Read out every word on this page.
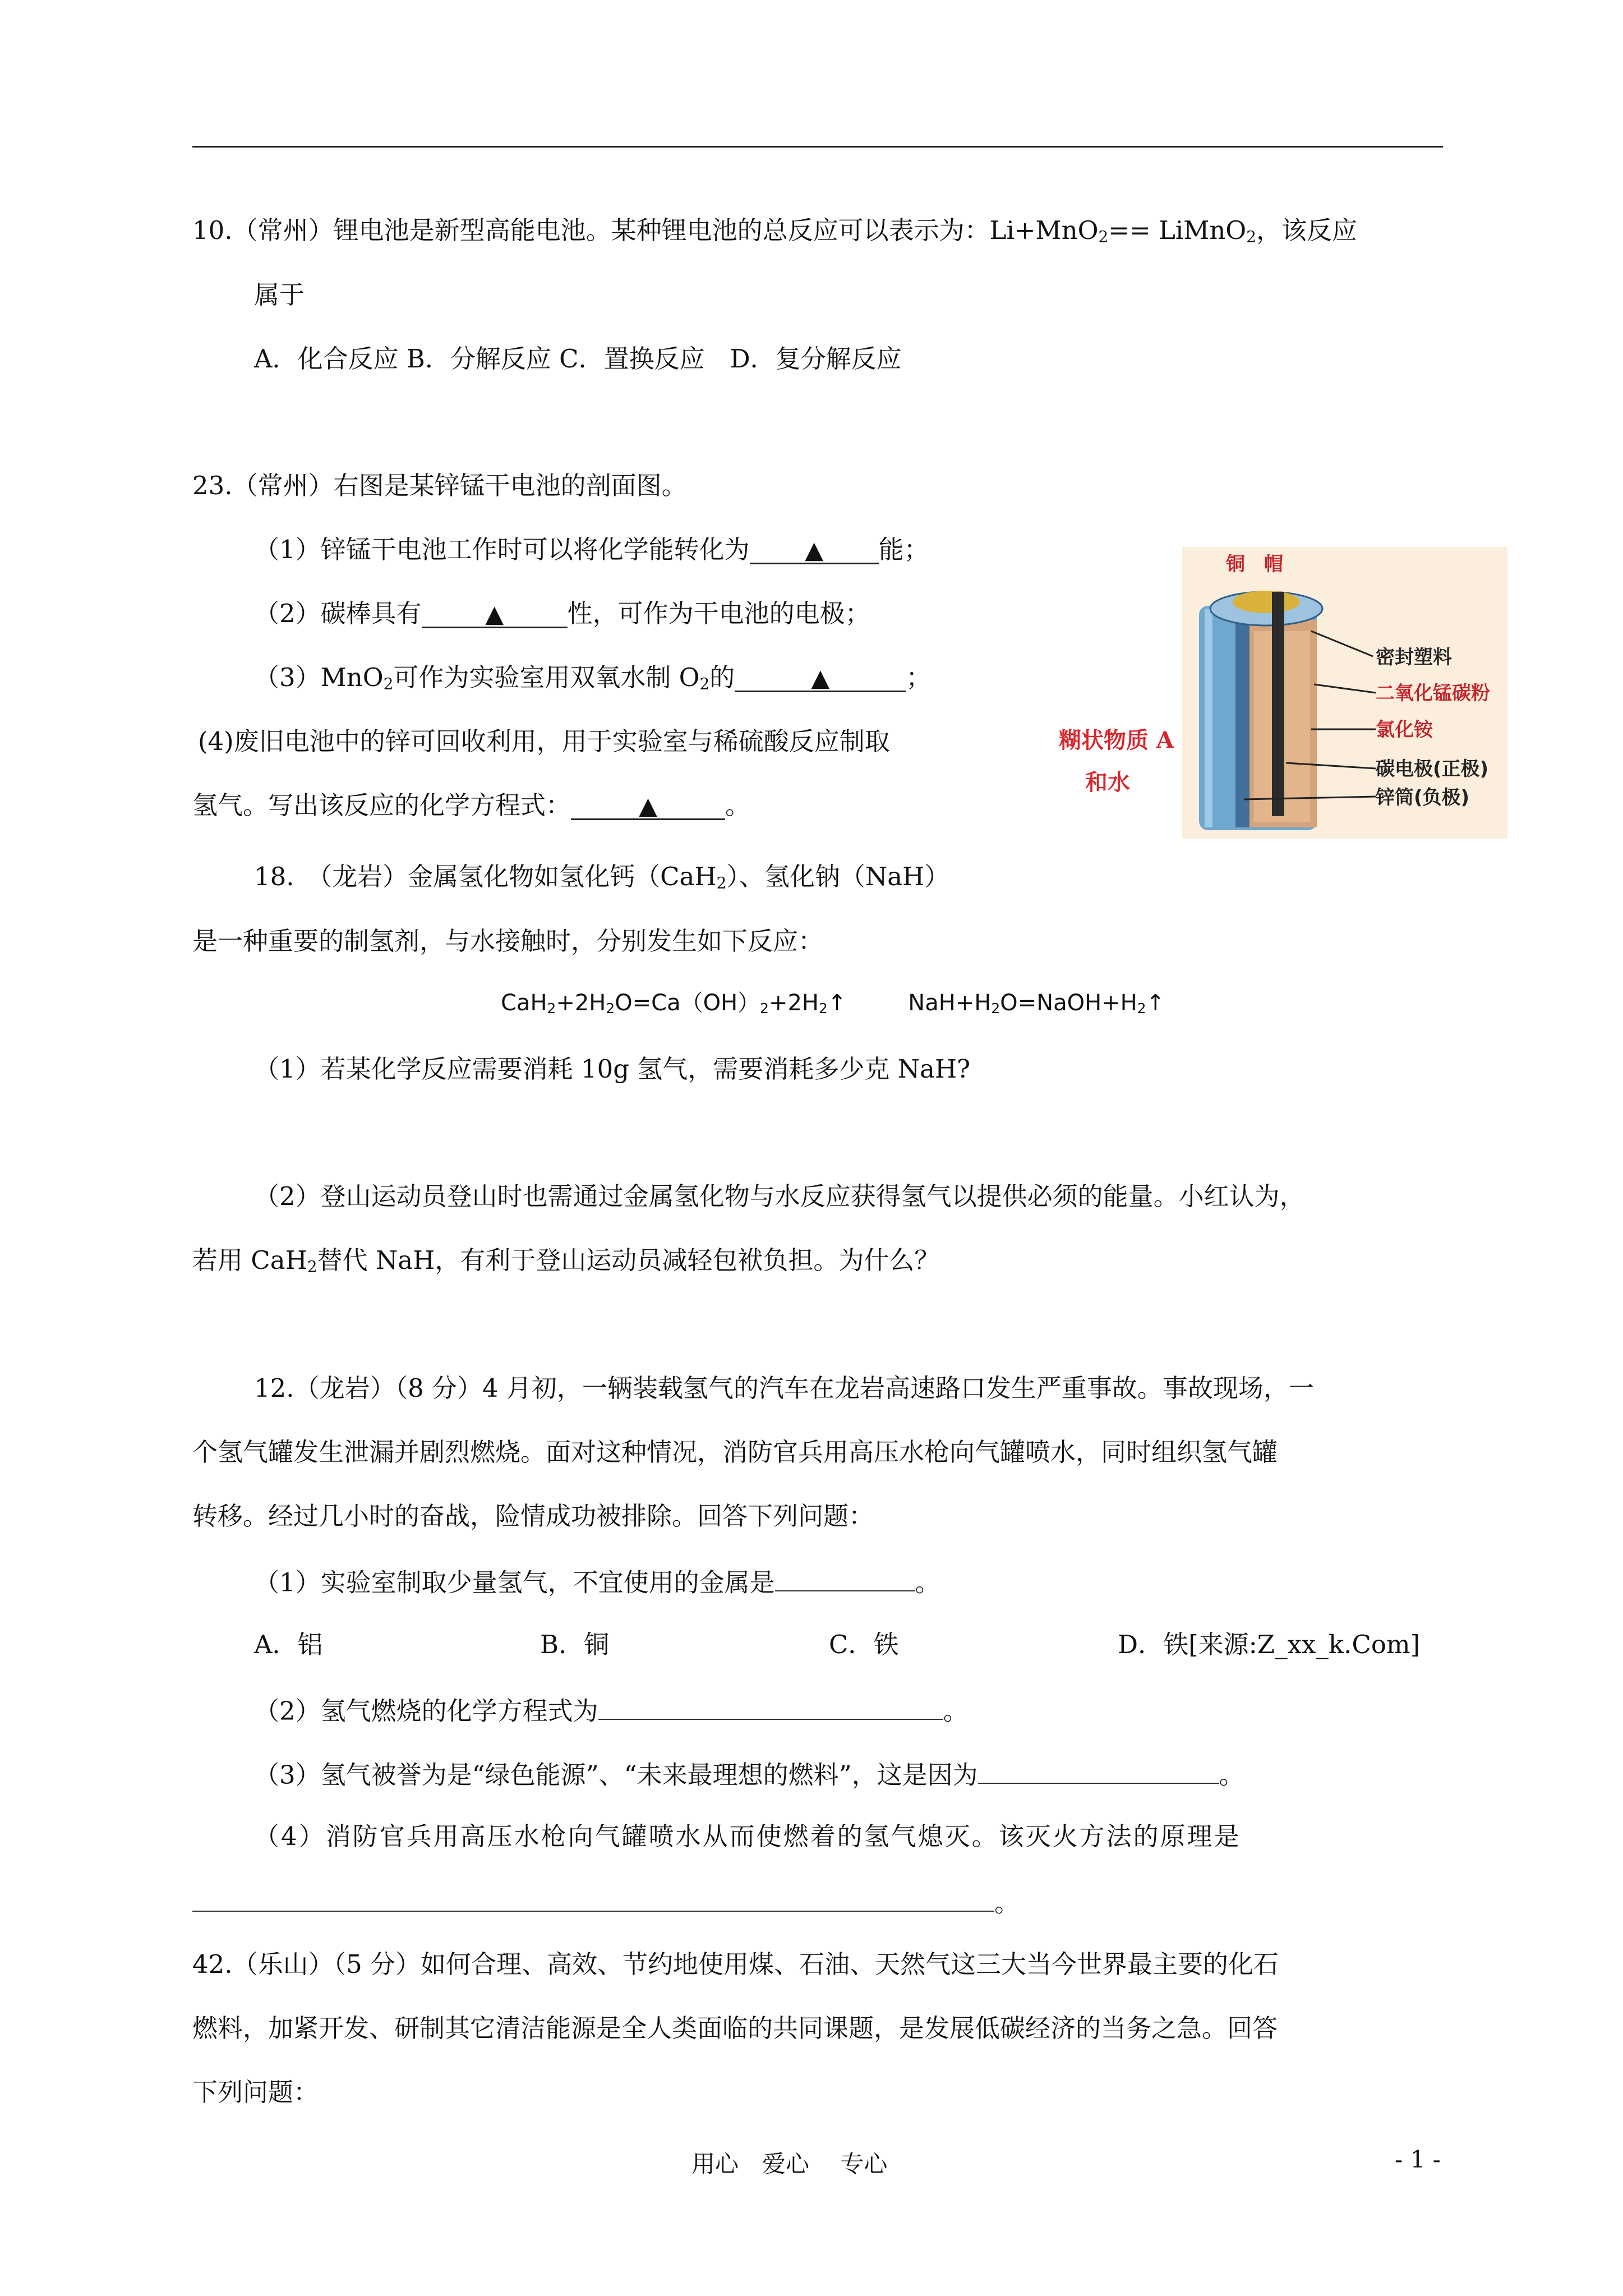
10.（常州）锂电池是新型高能电池。某种锂电池的总反应可以表示为：Li+MnO$_2$== LiMnO$_2$，该反应
属于
A．化合反应 B．分解反应 C．置换反应　D．复分解反应
23.（常州）右图是某锌锰干电池的剖面图。
（1）锌锰干电池工作时可以将化学能转化为 ▲ 能；
（2）碳棒具有	▲	性，可作为干电池的电极；
（3）MnO$_2$可作为实验室用双氧水制 $O_2$的	▲	；
(4)废旧电池中的锌可回收利用，用于实验室与稀硫酸反应制取
氢气。写出该反应的化学方程式：	▲	。
糊状物质 A
和水
铜　帽
密封塑料
二氧化锰碳粉
氯化铵
碳电极(正极)
锌筒(负极)
18.　（龙岩）金属氢化物如氢化钙（CaH$_2$）、氢化钠（NaH）
是一种重要的制氢剂，与水接触时，分别发生如下反应：
$CaH_2+2H_2O=Ca(OH)_2+2H_2↑$	$NaH+H_2O=NaOH+H_2↑$
（1）若某化学反应需要消耗 10g 氢气，需要消耗多少克 NaH?
（2）登山运动员登山时也需通过金属氢化物与水反应获得氢气以提供必须的能量。小红认为，
若用 CaH$_2$替代 NaH，有利于登山运动员减轻包袱负担。为什么？
12.（龙岩）（8 分）4 月初，一辆装载氢气的汽车在龙岩高速路口发生严重事故。事故现场，一
个氢气罐发生泄漏并剧烈燃烧。面对这种情况，消防官兵用高压水枪向气罐喷水，同时组织氢气罐
转移。经过几小时的奋战，险情成功被排除。回答下列问题：
（1）实验室制取少量氢气，不宜使用的金属是	。
A．铝	B．铜	C．铁	D．铁[来源:Z_xx_k.Com]
（2）氢气燃烧的化学方程式为	。
（3）氢气被誉为是“绿色能源”、“未来最理想的燃料”，这是因为	。
（4）消防官兵用高压水枪向气罐喷水从而使燃着的氢气熄灭。该灭火方法的原理是
。
42.（乐山）（5 分）如何合理、高效、节约地使用煤、石油、天然气这三大当今世界最主要的化石
燃料，加紧开发、研制其它清洁能源是全人类面临的共同课题，是发展低碳经济的当务之急。回答
下列问题：
用心　爱心　 专心	- 1 -
